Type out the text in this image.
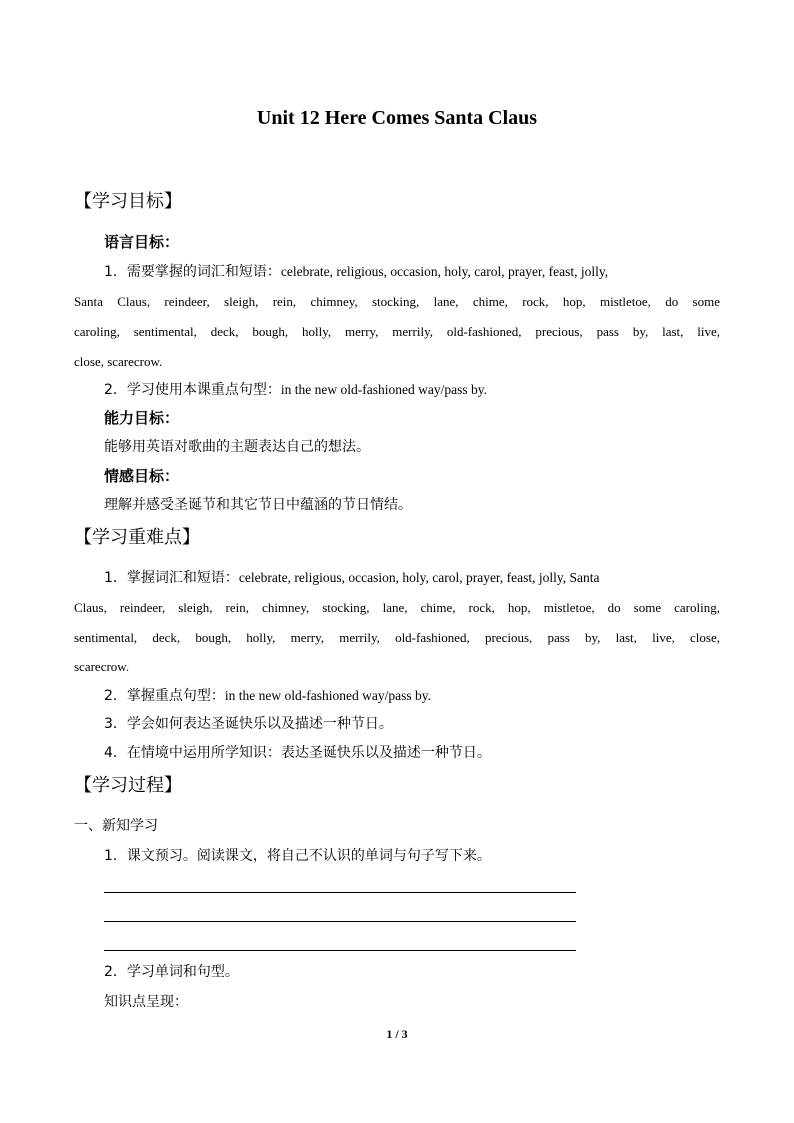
Unit 12 Here Comes Santa Claus
【学习目标】
语言目标：
1．需要掌握的词汇和短语：celebrate, religious, occasion, holy, carol, prayer, feast, jolly,
Santa Claus, reindeer, sleigh, rein, chimney, stocking, lane, chime, rock, hop, mistletoe, do some
caroling, sentimental, deck, bough, holly, merry, merrily, old-fashioned, precious, pass by, last, live,
close, scarecrow.
2．学习使用本课重点句型：in the new old-fashioned way/pass by.
能力目标：
能够用英语对歌曲的主题表达自己的想法。
情感目标：
理解并感受圣诞节和其它节日中蕴涵的节日情结。
【学习重难点】
1．掌握词汇和短语：celebrate, religious, occasion, holy, carol, prayer, feast, jolly, Santa
Claus, reindeer, sleigh, rein, chimney, stocking, lane, chime, rock, hop, mistletoe, do some caroling,
sentimental, deck, bough, holly, merry, merrily, old-fashioned, precious, pass by, last, live, close,
scarecrow.
2．掌握重点句型：in the new old-fashioned way/pass by.
3．学会如何表达圣诞快乐以及描述一种节日。
4．在情境中运用所学知识：表达圣诞快乐以及描述一种节日。
【学习过程】
一、新知学习
1．课文预习。阅读课文，将自己不认识的单词与句子写下来。
2．学习单词和句型。
知识点呈现：
1 / 3
